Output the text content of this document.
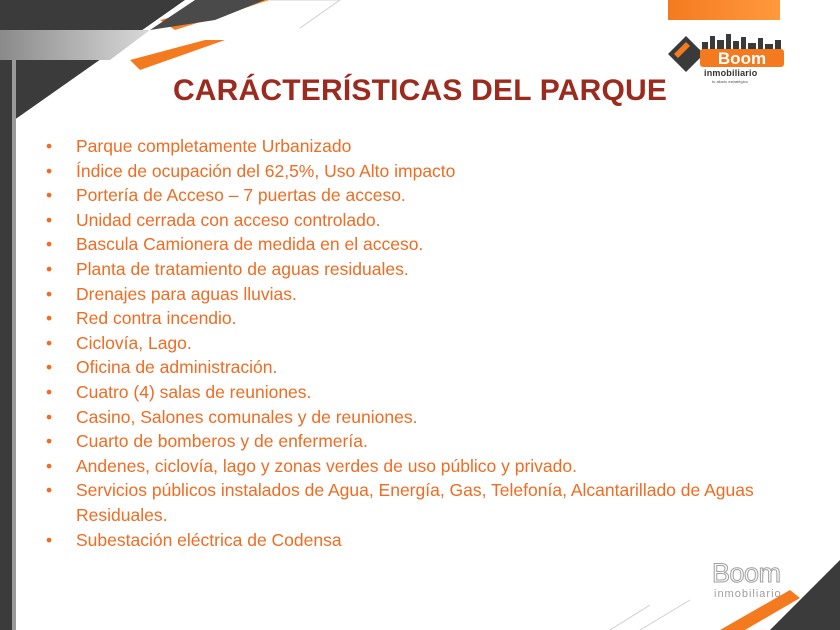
Boom
inmobiliario
tu aliado estratégico
CARÁCTERÍSTICAS DEL PARQUE
• Parque completamente Urbanizado
• Índice de ocupación del 62,5%, Uso Alto impacto
• Portería de Acceso – 7 puertas de acceso.
• Unidad cerrada con acceso controlado.
• Bascula Camionera de medida en el acceso.
• Planta de tratamiento de aguas residuales.
• Drenajes para aguas lluvias.
• Red contra incendio.
• Ciclovía, Lago.
• Oficina de administración.
• Cuatro (4) salas de reuniones.
• Casino, Salones comunales y de reuniones.
• Cuarto de bomberos y de enfermería.
• Andenes, ciclovía, lago y zonas verdes de uso público y privado.
• Servicios públicos instalados de Agua, Energía, Gas, Telefonía, Alcantarillado de Aguas Residuales.
• Subestación eléctrica de Codensa
Boom
inmobiliario
